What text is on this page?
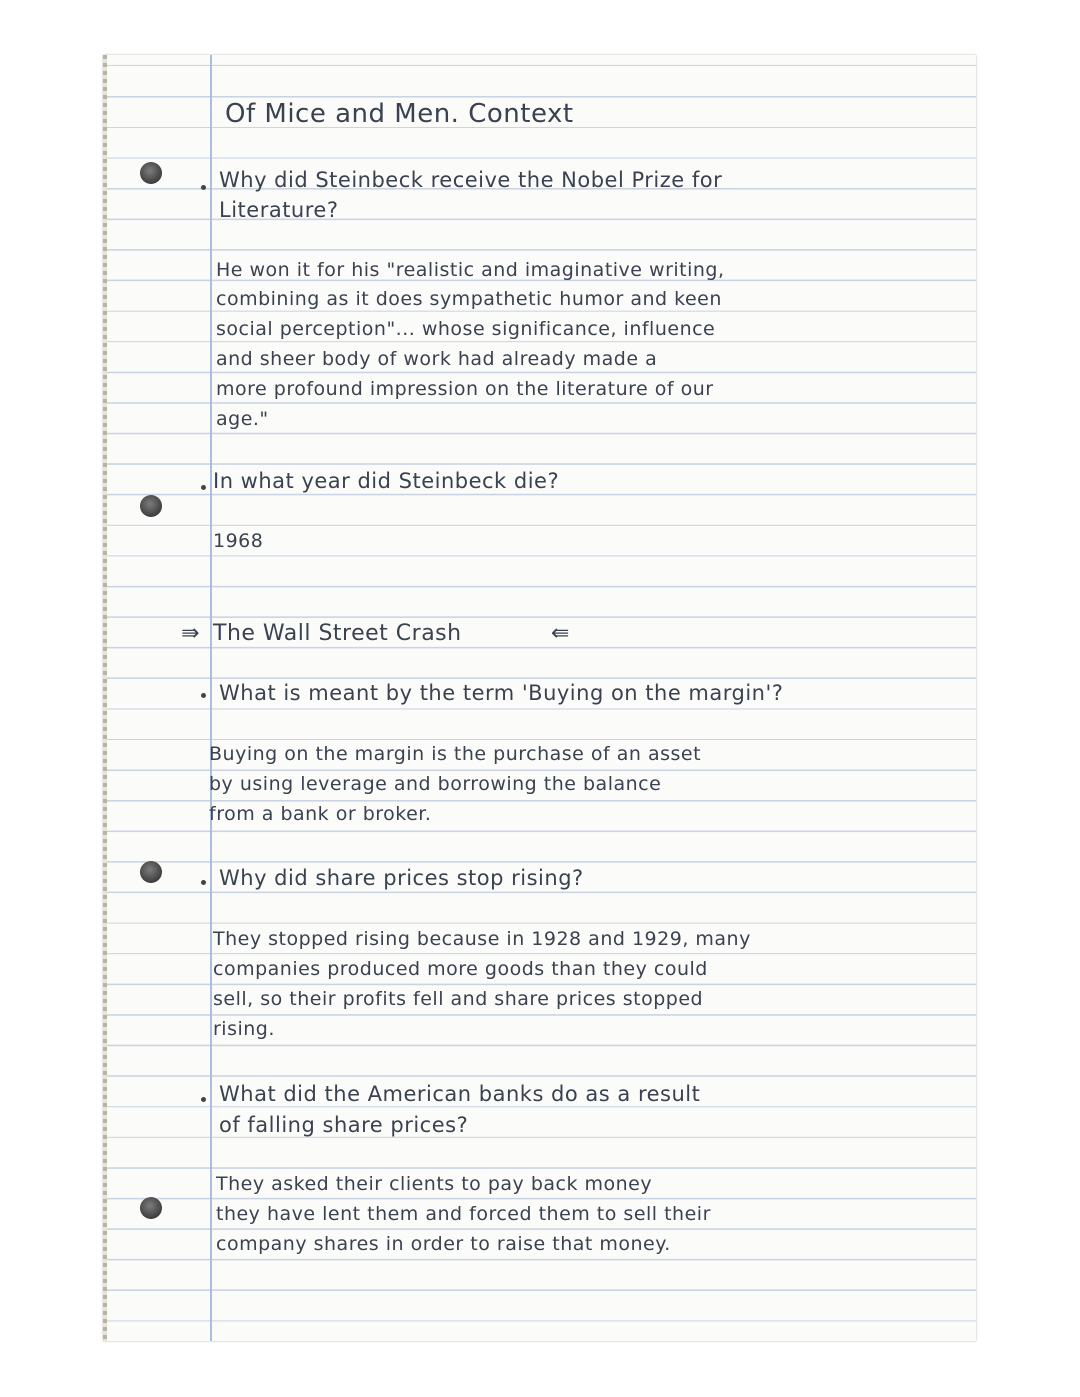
Of Mice and Men. Context
Why did Steinbeck receive the Nobel Prize for
Literature?
He won it for his "realistic and imaginative writing,
combining as it does sympathetic humor and keen
social perception"... whose significance, influence
and sheer body of work had already made a
more profound impression on the literature of our
age."
In what year did Steinbeck die?
1968
⇛ The Wall Street Crash	⇚
What is meant by the term 'Buying on the margin'?
Buying on the margin is the purchase of an asset
by using leverage and borrowing the balance
from a bank or broker.
Why did share prices stop rising?
They stopped rising because in 1928 and 1929, many
companies produced more goods than they could
sell, so their profits fell and share prices stopped
rising.
What did the American banks do as a result
of falling share prices?
They asked their clients to pay back money
they have lent them and forced them to sell their
company shares in order to raise that money.
